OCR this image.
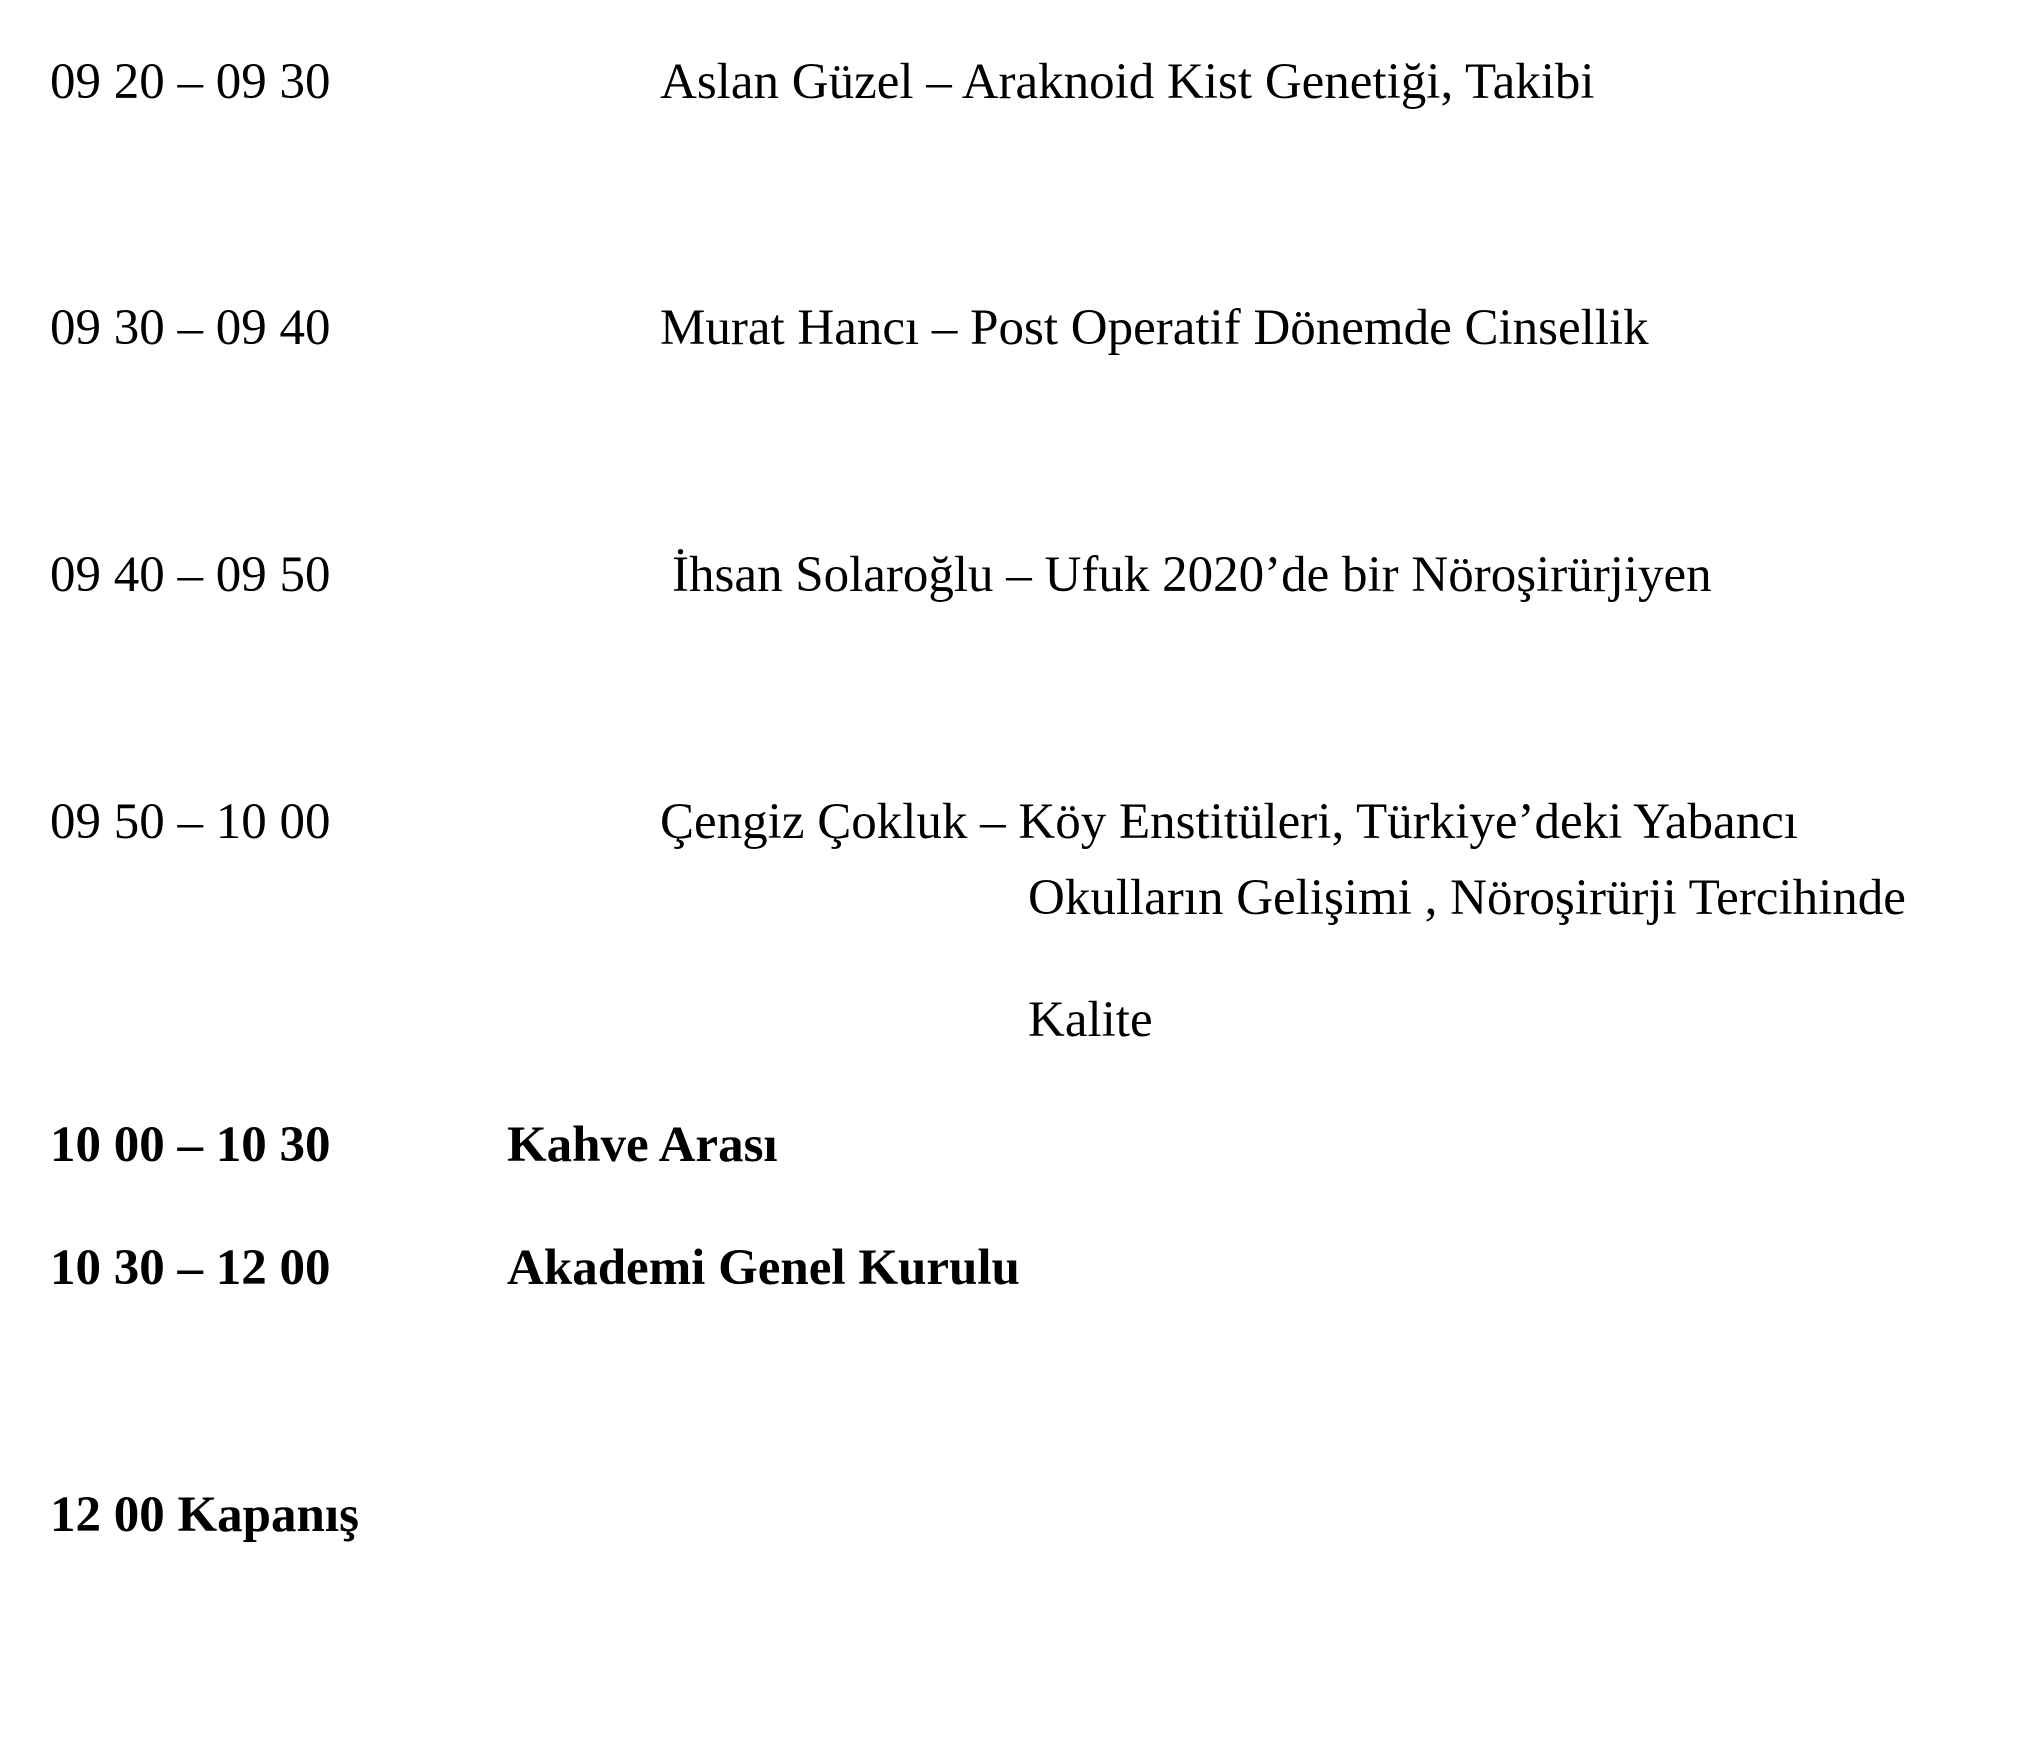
09 20 – 09 30	Aslan Güzel – Araknoid Kist Genetiği, Takibi
09 30 – 09 40	Murat Hancı – Post Operatif Dönemde Cinsellik
09 40 – 09 50	İhsan Solaroğlu – Ufuk 2020’de bir Nöroşirürjiyen
09 50 – 10 00	Çengiz Çokluk – Köy Enstitüleri, Türkiye’deki Yabancı
Okulların Gelişimi , Nöroşirürji Tercihinde
Kalite
10 00 – 10 30	Kahve Arası
10 30 – 12 00	Akademi Genel Kurulu
12 00 Kapanış
